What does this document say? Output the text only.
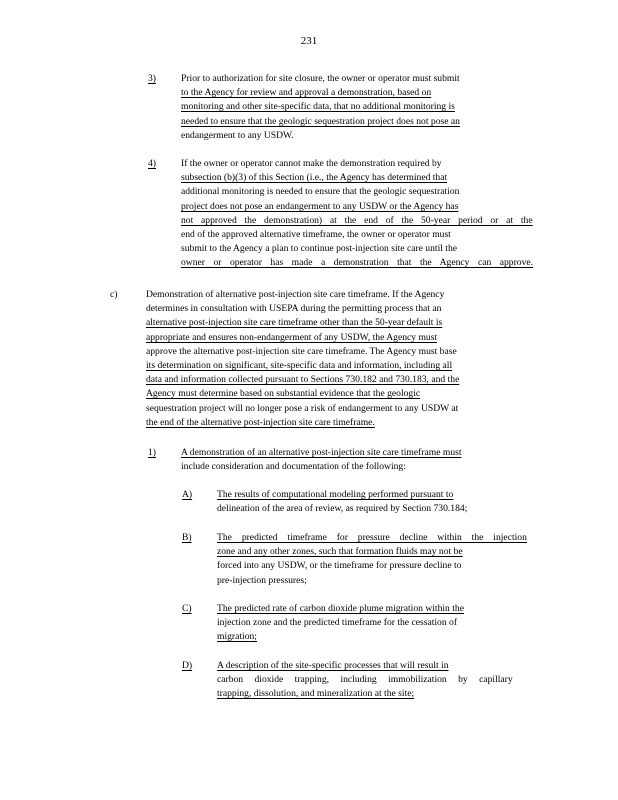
231
3)	Prior to authorization for site closure, the owner or operator must submit
to the Agency for review and approval a demonstration, based on
monitoring and other site-specific data, that no additional monitoring is
needed to ensure that the geologic sequestration project does not pose an
endangerment to any USDW.
4)	If the owner or operator cannot make the demonstration required by
subsection (b)(3) of this Section (i.e., the Agency has determined that
additional monitoring is needed to ensure that the geologic sequestration
project does not pose an endangerment to any USDW or the Agency has
not approved the demonstration) at the end of the 50-year period or at the
end of the approved alternative timeframe, the owner or operator must
submit to the Agency a plan to continue post-injection site care until the
owner or operator has made a demonstration that the Agency can approve.
c)	Demonstration of alternative post-injection site care timeframe. If the Agency
determines in consultation with USEPA during the permitting process that an
alternative post-injection site care timeframe other than the 50-year default is
appropriate and ensures non-endangerment of any USDW, the Agency must
approve the alternative post-injection site care timeframe. The Agency must base
its determination on significant, site-specific data and information, including all
data and information collected pursuant to Sections 730.182 and 730.183, and the
Agency must determine based on substantial evidence that the geologic
sequestration project will no longer pose a risk of endangerment to any USDW at
the end of the alternative post-injection site care timeframe.
1)	A demonstration of an alternative post-injection site care timeframe must
include consideration and documentation of the following:
A)	The results of computational modeling performed pursuant to
delineation of the area of review, as required by Section 730.184;
B)	The predicted timeframe for pressure decline within the injection
zone and any other zones, such that formation fluids may not be
forced into any USDW, or the timeframe for pressure decline to
pre-injection pressures;
C)	The predicted rate of carbon dioxide plume migration within the
injection zone and the predicted timeframe for the cessation of
migration;
D)	A description of the site-specific processes that will result in
carbon dioxide trapping, including immobilization by capillary
trapping, dissolution, and mineralization at the site;
